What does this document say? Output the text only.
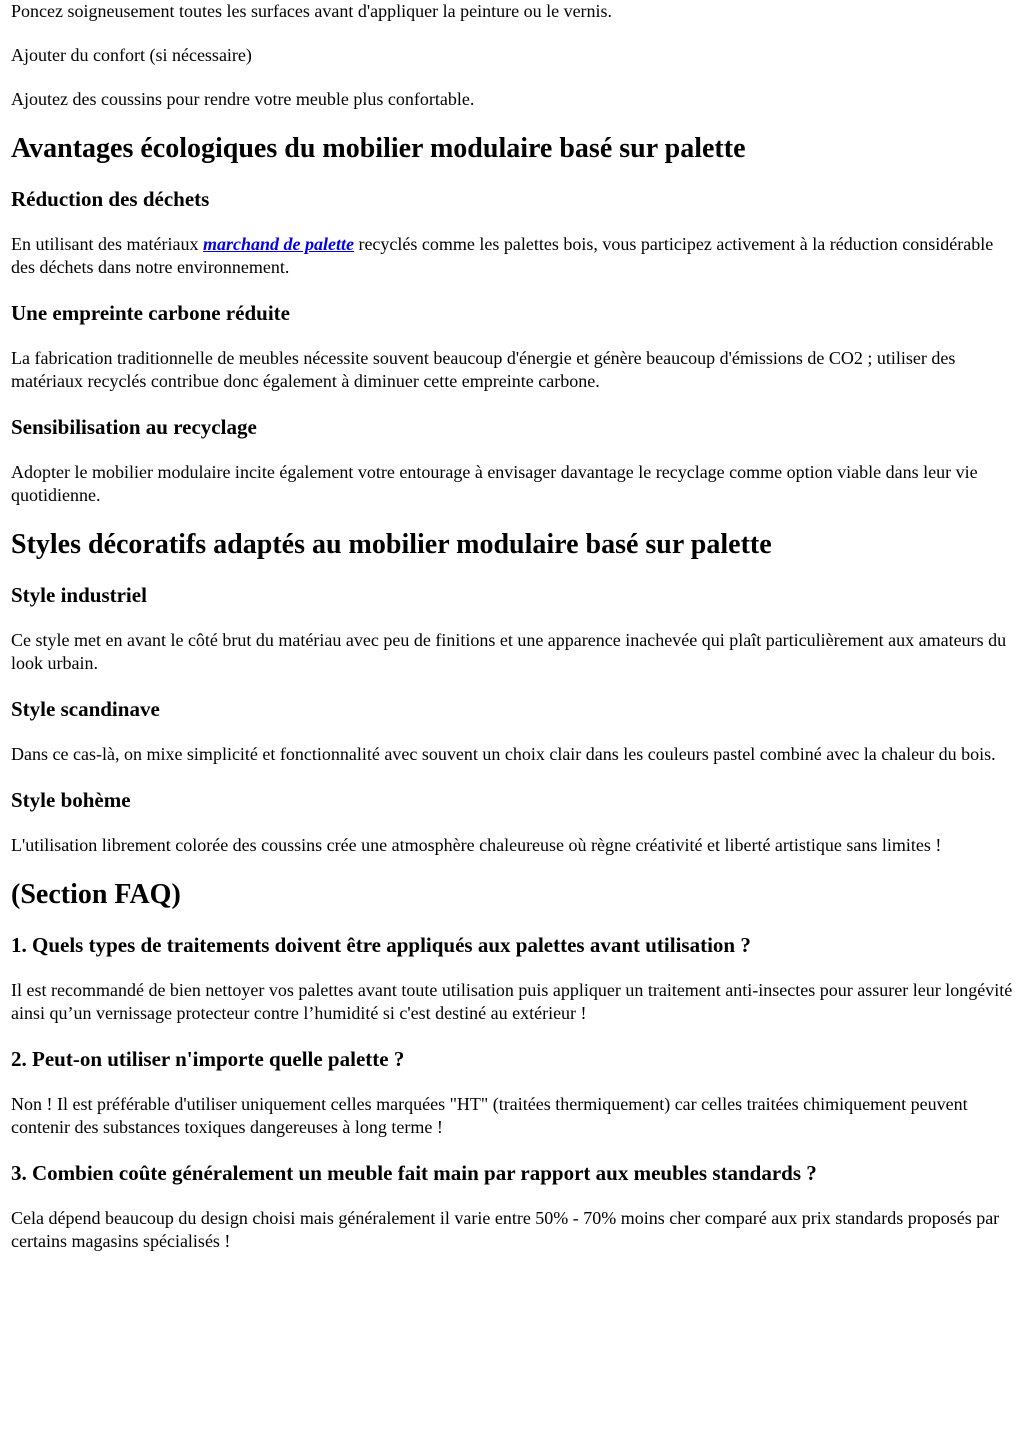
Poncez soigneusement toutes les surfaces avant d'appliquer la peinture ou le vernis.

Ajouter du confort (si nécessaire)

Ajoutez des coussins pour rendre votre meuble plus confortable.

Avantages écologiques du mobilier modulaire basé sur palette
Réduction des déchets

En utilisant des matériaux marchand de palette recyclés comme les palettes bois, vous participez activement à la réduction considérable des déchets dans notre environnement.

Une empreinte carbone réduite

La fabrication traditionnelle de meubles nécessite souvent beaucoup d'énergie et génère beaucoup d'émissions de CO2 ; utiliser des matériaux recyclés contribue donc également à diminuer cette empreinte carbone.

Sensibilisation au recyclage

Adopter le mobilier modulaire incite également votre entourage à envisager davantage le recyclage comme option viable dans leur vie quotidienne.

Styles décoratifs adaptés au mobilier modulaire basé sur palette
Style industriel

Ce style met en avant le côté brut du matériau avec peu de finitions et une apparence inachevée qui plaît particulièrement aux amateurs du look urbain.

Style scandinave

Dans ce cas-là, on mixe simplicité et fonctionnalité avec souvent un choix clair dans les couleurs pastel combiné avec la chaleur du bois.

Style bohème

L'utilisation librement colorée des coussins crée une atmosphère chaleureuse où règne créativité et liberté artistique sans limites !

(Section FAQ)
1. Quels types de traitements doivent être appliqués aux palettes avant utilisation ?

Il est recommandé de bien nettoyer vos palettes avant toute utilisation puis appliquer un traitement anti-insectes pour assurer leur longévité ainsi qu’un vernissage protecteur contre l’humidité si c'est destiné au extérieur !

2. Peut-on utiliser n'importe quelle palette ?

Non ! Il est préférable d'utiliser uniquement celles marquées "HT" (traitées thermiquement) car celles traitées chimiquement peuvent contenir des substances toxiques dangereuses à long terme !

3. Combien coûte généralement un meuble fait main par rapport aux meubles standards ?

Cela dépend beaucoup du design choisi mais généralement il varie entre 50% - 70% moins cher comparé aux prix standards proposés par certains magasins spécialisés !
